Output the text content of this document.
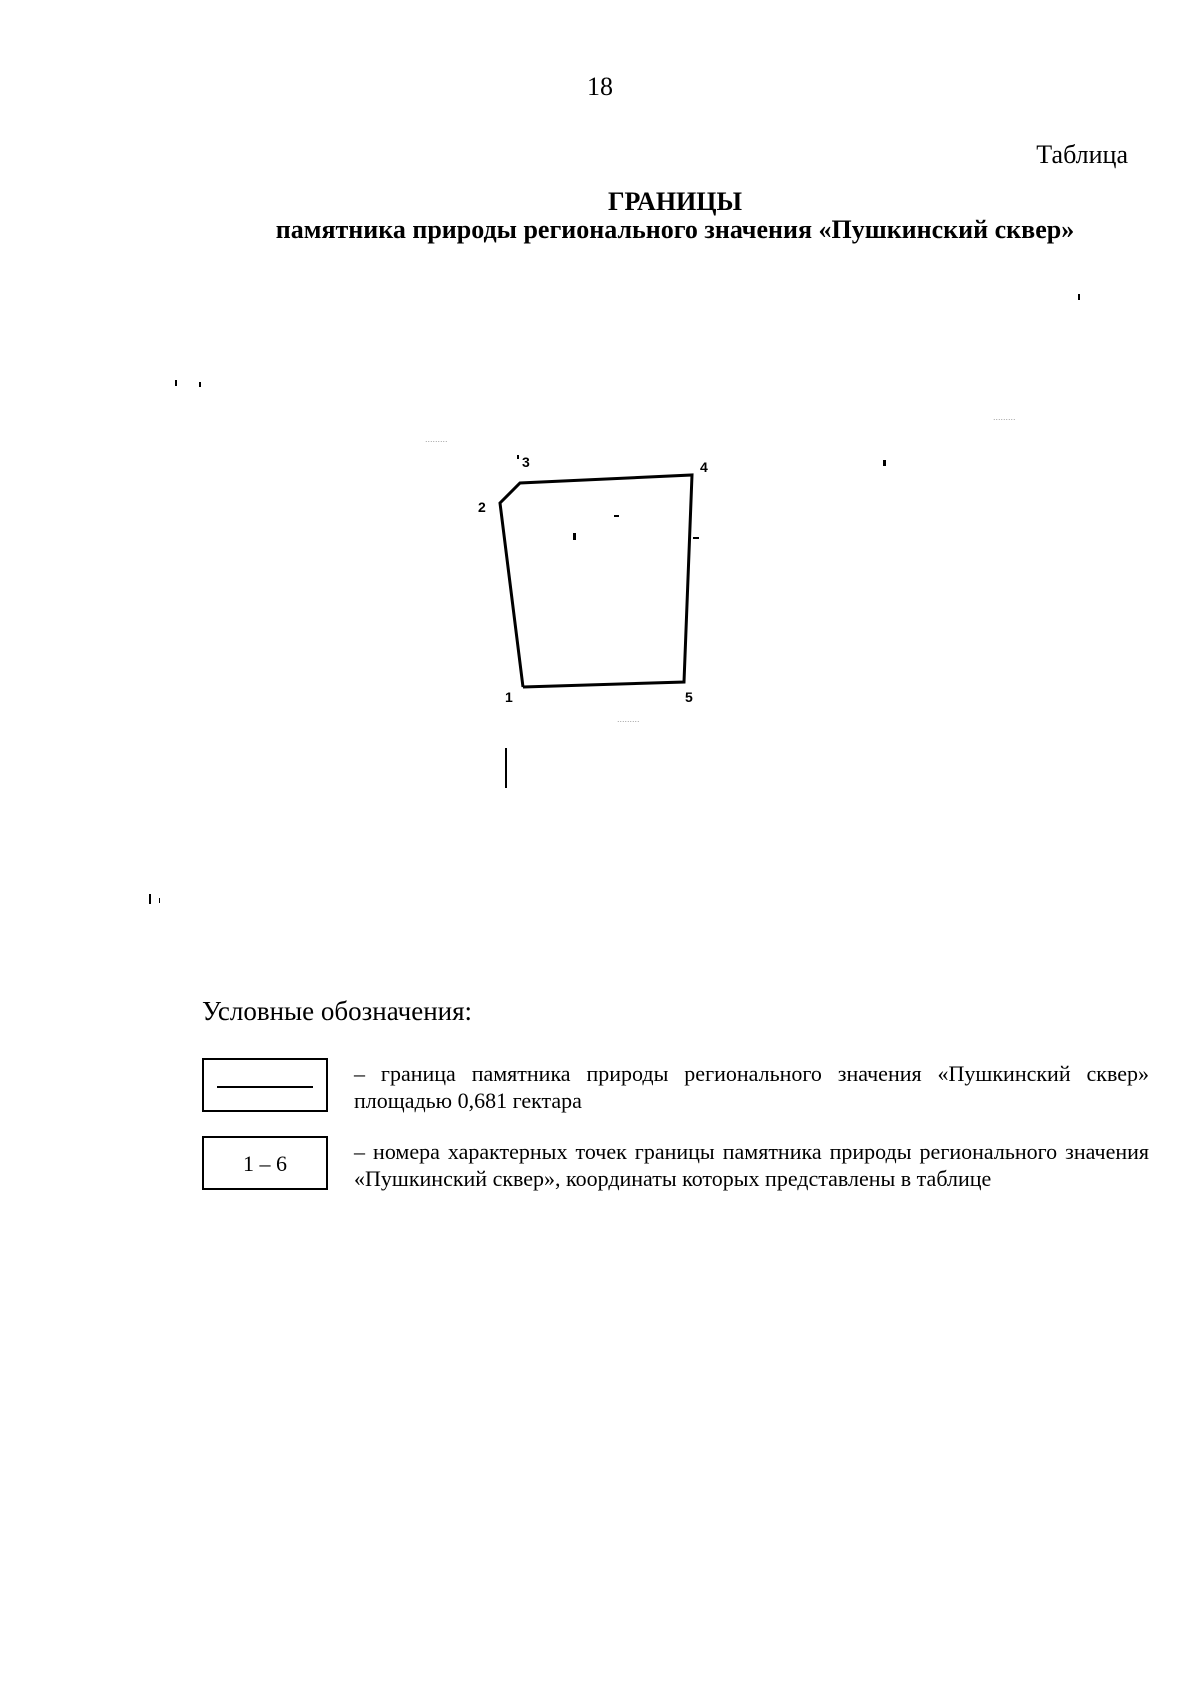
18
Таблица
ГРАНИЦЫ
памятника природы регионального значения «Пушкинский сквер»
.........
.........
.........
1
2
3	4
5
Условные обозначения:
– граница памятника природы регионального значения «Пушкинский сквер» площадью 0,681 гектара
1 – 6	– номера характерных точек границы памятника природы регионального значения «Пушкинский сквер», координаты которых представлены в таблице
